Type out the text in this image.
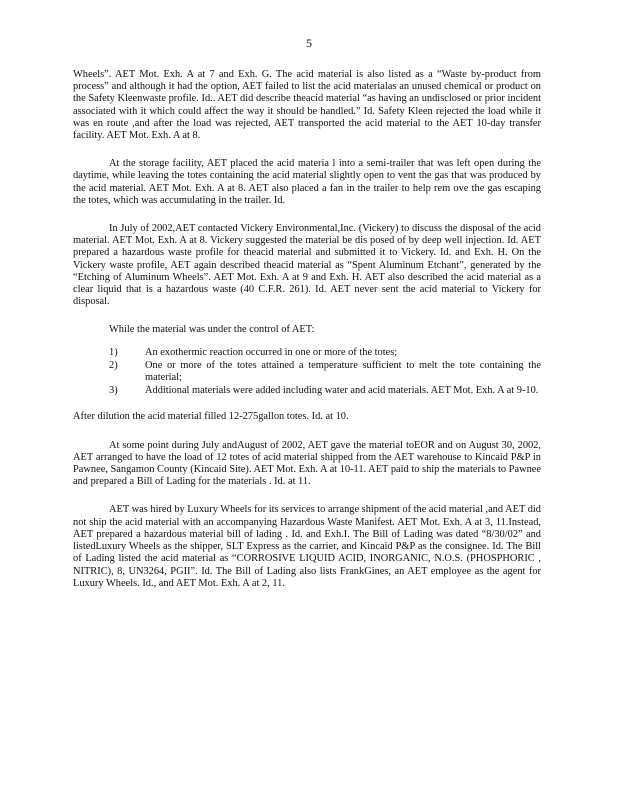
5

Wheels”. AET Mot. Exh. A at 7 and Exh. G. The acid material is also listed as a “Waste by-product from process” and although it had the option, AET failed to list the acid materialas an unused chemical or product on the Safety Kleenwaste profile. Id.. AET did describe theacid material “as having an undisclosed or prior incident associated with it which could affect the way it should be handled.” Id. Safety Kleen rejected the load while it was en route ,and after the load was rejected, AET transported the acid material to the AET 10-day transfer facility. AET Mot. Exh. A at 8.

At the storage facility, AET placed the acid materia l into a semi-trailer that was left open during the daytime, while leaving the totes containing the acid material slightly open to vent the gas that was produced by the acid material. AET Mot. Exh. A at 8. AET also placed a fan in the trailer to help rem ove the gas escaping the totes, which was accumulating in the trailer. Id.

In July of 2002,AET contacted Vickery Environmental,Inc. (Vickery) to discuss the disposal of the acid material. AET Mot. Exh. A at 8. Vickery suggested the material be dis posed of by deep well injection. Id. AET prepared a hazardous waste profile for theacid material and submitted it to Vickery. Id. and Exh. H. On the Vickery waste profile, AET again described theacid material as “Spent Aluminum Etchant”, generated by the “Etching of Aluminum Wheels”. AET Mot. Exh. A at 9 and Exh. H. AET also described the acid material as a clear liquid that is a hazardous waste (40 C.F.R. 261). Id. AET never sent the acid material to Vickery for disposal.

While the material was under the control of AET:

1)	An exothermic reaction occurred in one or more of the totes;
2)	One or more of the totes attained a temperature sufficient to melt the tote containing the material;
3)	Additional materials were added including water and acid materials. AET Mot. Exh. A at 9-10.

After dilution the acid material filled 12-275gallon totes. Id. at 10.

At some point during July andAugust of 2002, AET gave the material toEOR and on August 30, 2002, AET arranged to have the load of 12 totes of acid material shipped from the AET warehouse to Kincaid P&P in Pawnee, Sangamon County (Kincaid Site). AET Mot. Exh. A at 10-11. AET paid to ship the materials to Pawnee and prepared a Bill of Lading for the materials . Id. at 11.

AET was hired by Luxury Wheels for its services to arrange shipment of the acid material ,and AET did not ship the acid material with an accompanying Hazardous Waste Manifest. AET Mot. Exh. A at 3, 11.Instead, AET prepared a hazardous material bill of lading . Id. and Exh.I. The Bill of Lading was dated “8/30/02” and listedLuxury Wheels as the shipper, SLT Express as the carrier, and Kincaid P&P as the consignee. Id. The Bill of Lading listed the acid material as “CORROSIVE LIQUID ACID, INORGANIC, N.O.S. (PHOSPHORIC , NITRIC), 8, UN3264, PGII”. Id. The Bill of Lading also lists FrankGines, an AET employee as the agent for Luxury Wheels. Id., and AET Mot. Exh. A at 2, 11.
